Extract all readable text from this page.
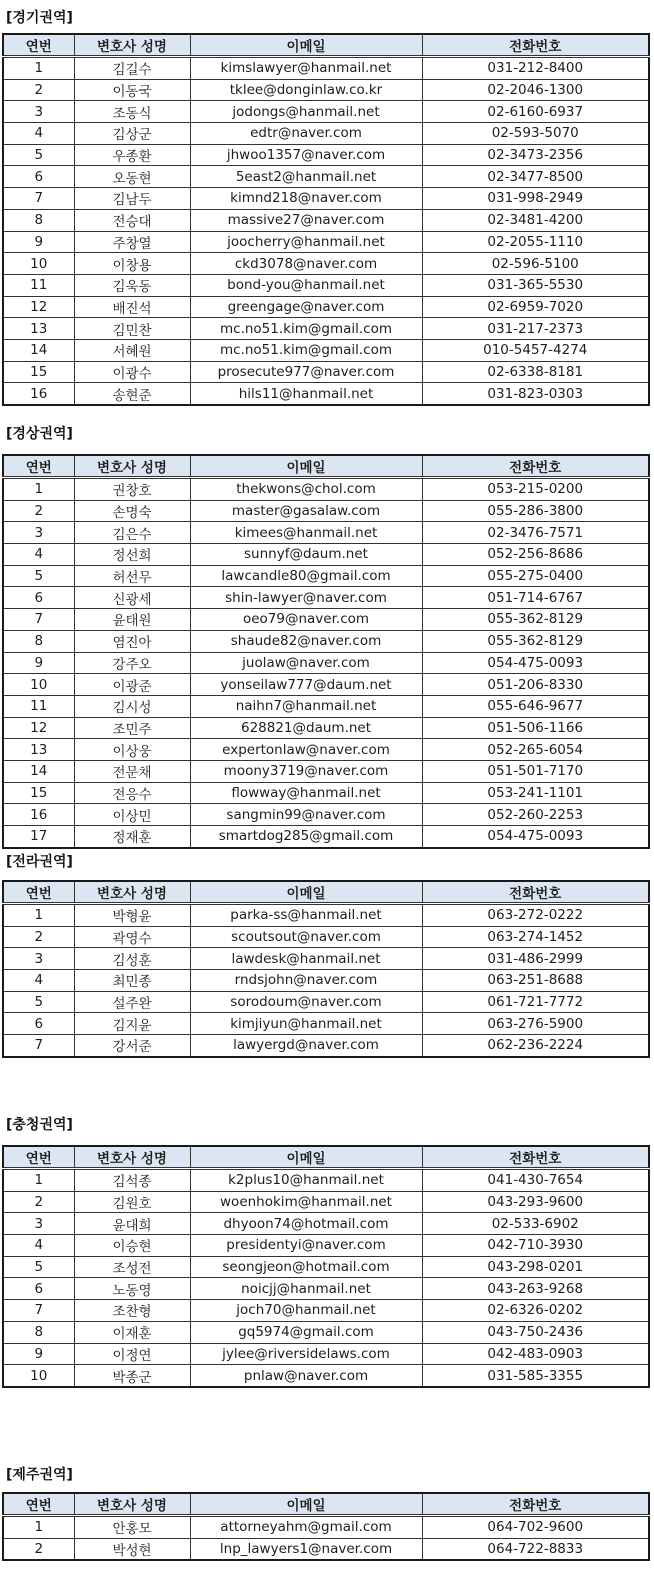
[경기권역]
연번	변호사 성명	이메일	전화번호
1	김길수	kimslawyer@hanmail.net	031-212-8400
2	이동국	tklee@donginlaw.co.kr	02-2046-1300
3	조동식	jodongs@hanmail.net	02-6160-6937
4	김상군	edtr@naver.com	02-593-5070
5	우종환	jhwoo1357@naver.com	02-3473-2356
6	오동현	5east2@hanmail.net	02-3477-8500
7	김남두	kimnd218@naver.com	031-998-2949
8	전승대	massive27@naver.com	02-3481-4200
9	주창열	joocherry@hanmail.net	02-2055-1110
10	이창용	ckd3078@naver.com	02-596-5100
11	김욱동	bond-you@hanmail.net	031-365-5530
12	배진석	greengage@naver.com	02-6959-7020
13	김민찬	mc.no51.kim@gmail.com	031-217-2373
14	서혜원	mc.no51.kim@gmail.com	010-5457-4274
15	이광수	prosecute977@naver.com	02-6338-8181
16	송현준	hils11@hanmail.net	031-823-0303
[경상권역]
연번	변호사 성명	이메일	전화번호
1	권창호	thekwons@chol.com	053-215-0200
2	손명숙	master@gasalaw.com	055-286-3800
3	김은수	kimees@hanmail.net	02-3476-7571
4	정선희	sunnyf@daum.net	052-256-8686
5	허선무	lawcandle80@gmail.com	055-275-0400
6	신광세	shin-lawyer@naver.com	051-714-6767
7	윤태원	oeo79@naver.com	055-362-8129
8	염진아	shaude82@naver.com	055-362-8129
9	강주오	juolaw@naver.com	054-475-0093
10	이광준	yonseilaw777@daum.net	051-206-8330
11	김시성	naihn7@hanmail.net	055-646-9677
12	조민주	628821@daum.net	051-506-1166
13	이상웅	expertonlaw@naver.com	052-265-6054
14	전문채	moony3719@naver.com	051-501-7170
15	전응수	flowway@hanmail.net	053-241-1101
16	이상민	sangmin99@naver.com	052-260-2253
17	정재훈	smartdog285@gmail.com	054-475-0093
[전라권역]
연번	변호사 성명	이메일	전화번호
1	박형윤	parka-ss@hanmail.net	063-272-0222
2	곽영수	scoutsout@naver.com	063-274-1452
3	김성훈	lawdesk@hanmail.net	031-486-2999
4	최민종	rndsjohn@naver.com	063-251-8688
5	설주완	sorodoum@naver.com	061-721-7772
6	김지윤	kimjiyun@hanmail.net	063-276-5900
7	강서준	lawyergd@naver.com	062-236-2224
[충청권역]
연번	변호사 성명	이메일	전화번호
1	김석종	k2plus10@hanmail.net	041-430-7654
2	김원호	woenhokim@hanmail.net	043-293-9600
3	윤대희	dhyoon74@hotmail.com	02-533-6902
4	이승현	presidentyi@naver.com	042-710-3930
5	조성전	seongjeon@hotmail.com	043-298-0201
6	노동영	noicjj@hanmail.net	043-263-9268
7	조찬형	joch70@hanmail.net	02-6326-0202
8	이재훈	gq5974@gmail.com	043-750-2436
9	이정연	jylee@riversidelaws.com	042-483-0903
10	박종군	pnlaw@naver.com	031-585-3355
[제주권역]
연번	변호사 성명	이메일	전화번호
1	안홍모	attorneyahm@gmail.com	064-702-9600
2	박성현	lnp_lawyers1@naver.com	064-722-8833
